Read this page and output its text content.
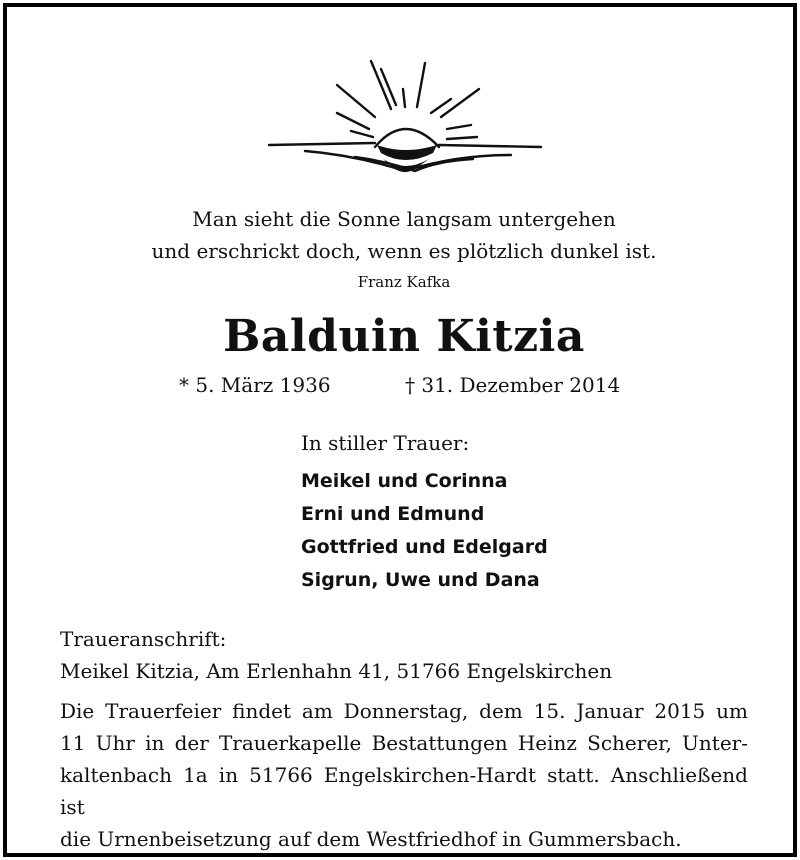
Man sieht die Sonne langsam untergehen
und erschrickt doch, wenn es plötzlich dunkel ist.
Franz Kafka
Balduin Kitzia
* 5. März 1936	† 31. Dezember 2014
In stiller Trauer:
Meikel und Corinna
Erni und Edmund
Gottfried und Edelgard
Sigrun, Uwe und Dana
Traueranschrift:
Meikel Kitzia, Am Erlenhahn 41, 51766 Engelskirchen

Die Trauerfeier findet am Donnerstag, dem 15. Januar 2015 um
11 Uhr in der Trauerkapelle Bestattungen Heinz Scherer, Unter-
kaltenbach 1a in 51766 Engelskirchen-Hardt statt. Anschließend ist
die Urnenbeisetzung auf dem Westfriedhof in Gummersbach.
